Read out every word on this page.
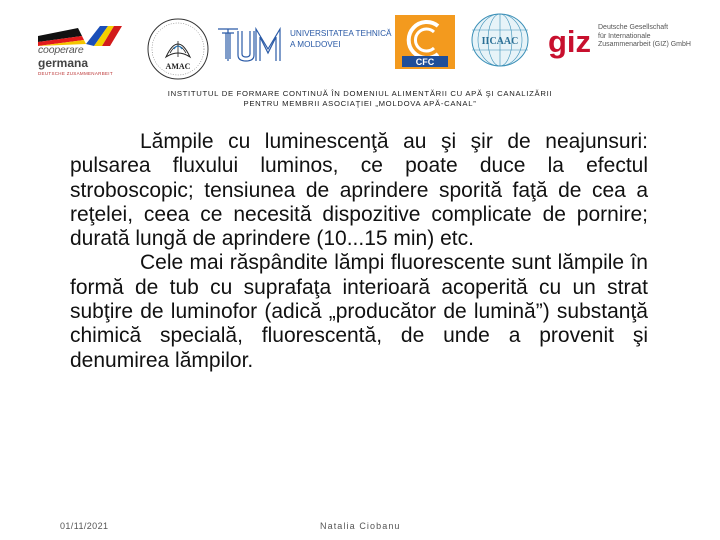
cooperare
germana
DEUTSCHE ZUSAMMENARBEIT
AMAC
UNIVERSITATEA TEHNICĂ
A MOLDOVEI
CFC
IICAAC giz Deutsche Gesellschaft
für Internationale
Zusammenarbeit (GIZ) GmbH
INSTITUTUL DE FORMARE CONTINUĂ ÎN DOMENIUL ALIMENTĂRII CU APĂ ŞI CANALIZĂRII
PENTRU MEMBRII ASOCIAŢIEI „MOLDOVA APĂ-CANAL”

Lămpile cu luminescenţă au şi şir de neajunsuri: pulsarea fluxului luminos, ce poate duce la efectul stroboscopic; tensiunea de aprindere sporită faţă de cea a reţelei, ceea ce necesită dispozitive complicate de pornire; durată lungă de aprindere (10...15 min) etc.

Cele mai răspândite lămpi fluorescente sunt lămpile în formă de tub cu suprafaţa interioară acoperită cu un strat subţire de luminofor (adică „producător de lumină”) substanţă chimică specială, fluorescentă, de unde a provenit şi denumirea lămpilor.

01/11/2021	Natalia Ciobanu
